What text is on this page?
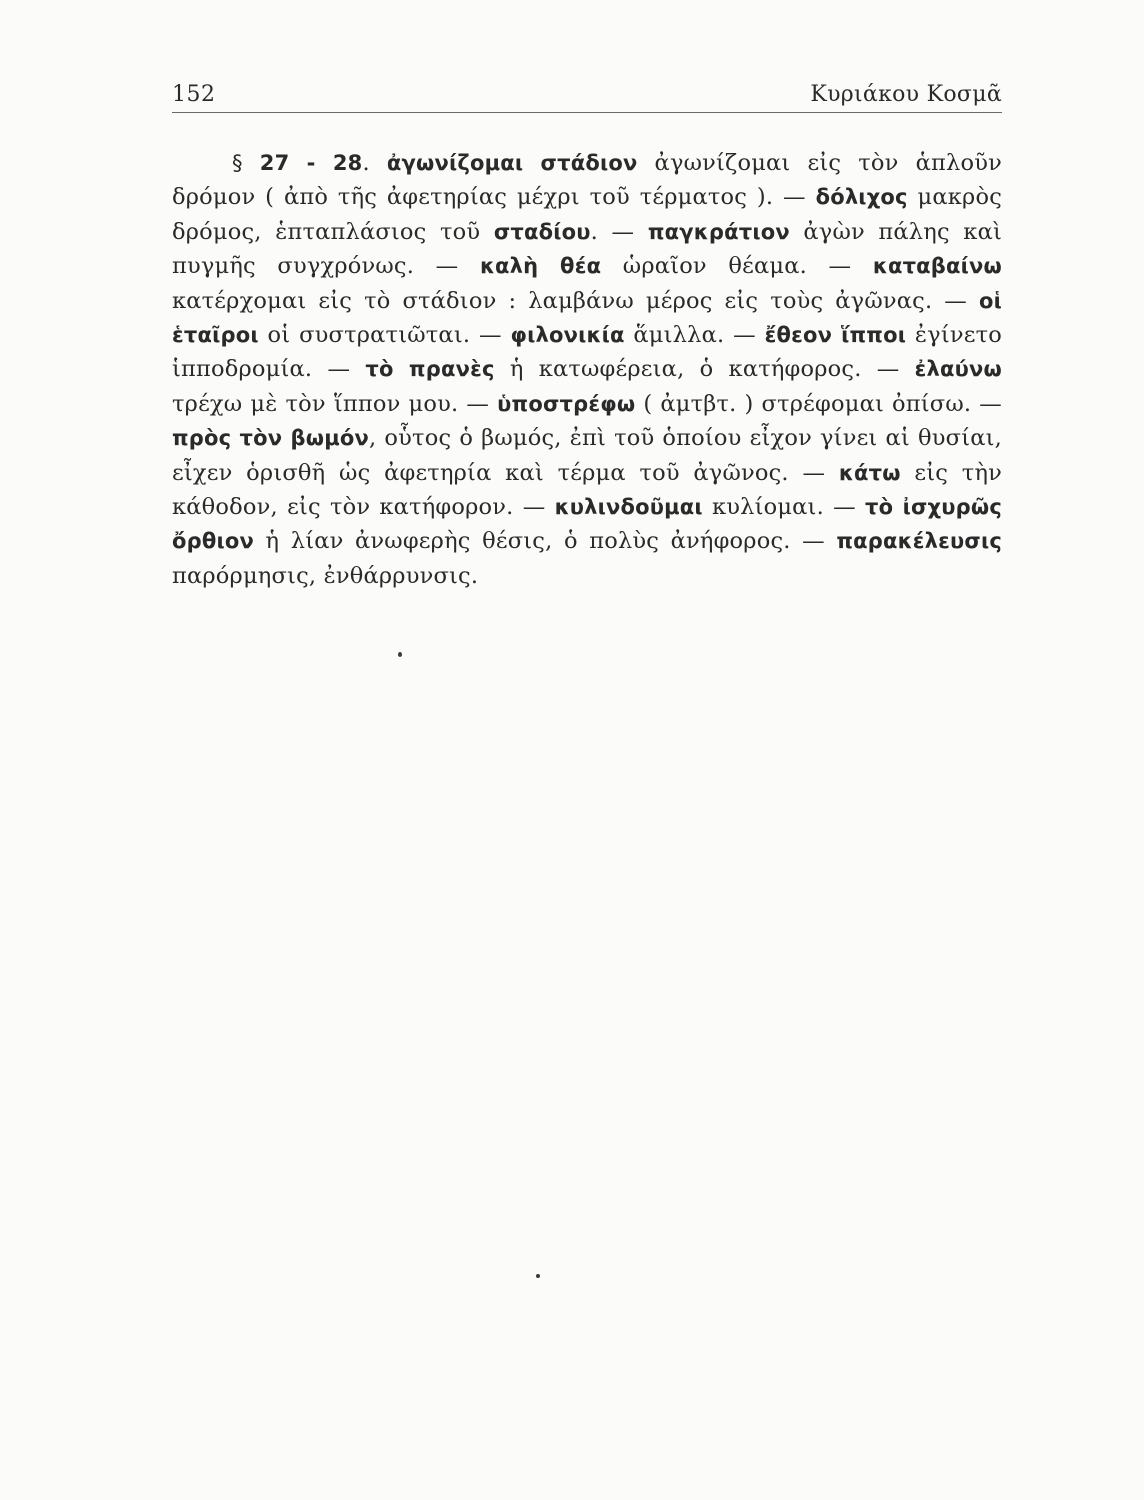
152	Κυριάκου Κοσμᾶ

§ 27 - 28. ἀγωνίζομαι στάδιον ἀγωνίζομαι εἰς τὸν ἁπλοῦν δρόμον ( ἀπὸ τῆς ἀφετηρίας μέχρι τοῦ τέρματος ). — δόλιχος μακρὸς δρόμος, ἑπταπλάσιος τοῦ σταδίου. — παγκράτιον ἀγὼν πάλης καὶ πυγμῆς συγχρόνως. — καλὴ θέα ὡραῖον θέαμα. — καταβαίνω κατέρχομαι εἰς τὸ στάδιον : λαμβάνω μέρος εἰς τοὺς ἀγῶνας. — οἱ ἑταῖροι οἱ συστρατιῶται. — φιλονικία ἅμιλλα. — ἔθεον ἵπποι ἐγίνετο ἱπποδρομία. — τὸ πρανὲς ἡ κατωφέρεια, ὁ κατήφορος. — ἐλαύνω τρέχω μὲ τὸν ἵππον μου. — ὑποστρέφω ( ἀμτβτ. ) στρέφομαι ὀπίσω. — πρὸς τὸν βωμόν, οὗτος ὁ βωμός, ἐπὶ τοῦ ὁποίου εἶχον γίνει αἱ θυσίαι, εἶχεν ὁρισθῆ ὡς ἀφετηρία καὶ τέρμα τοῦ ἀγῶνος. — κάτω εἰς τὴν κάθοδον, εἰς τὸν κατήφορον. — κυλινδοῦμαι κυλίομαι. — τὸ ἰσχυρῶς ὄρθιον ἡ λίαν ἀνωφερὴς θέσις, ὁ πολὺς ἀνήφορος. — παρακέλευσις παρόρμησις, ἐνθάρρυνσις.
